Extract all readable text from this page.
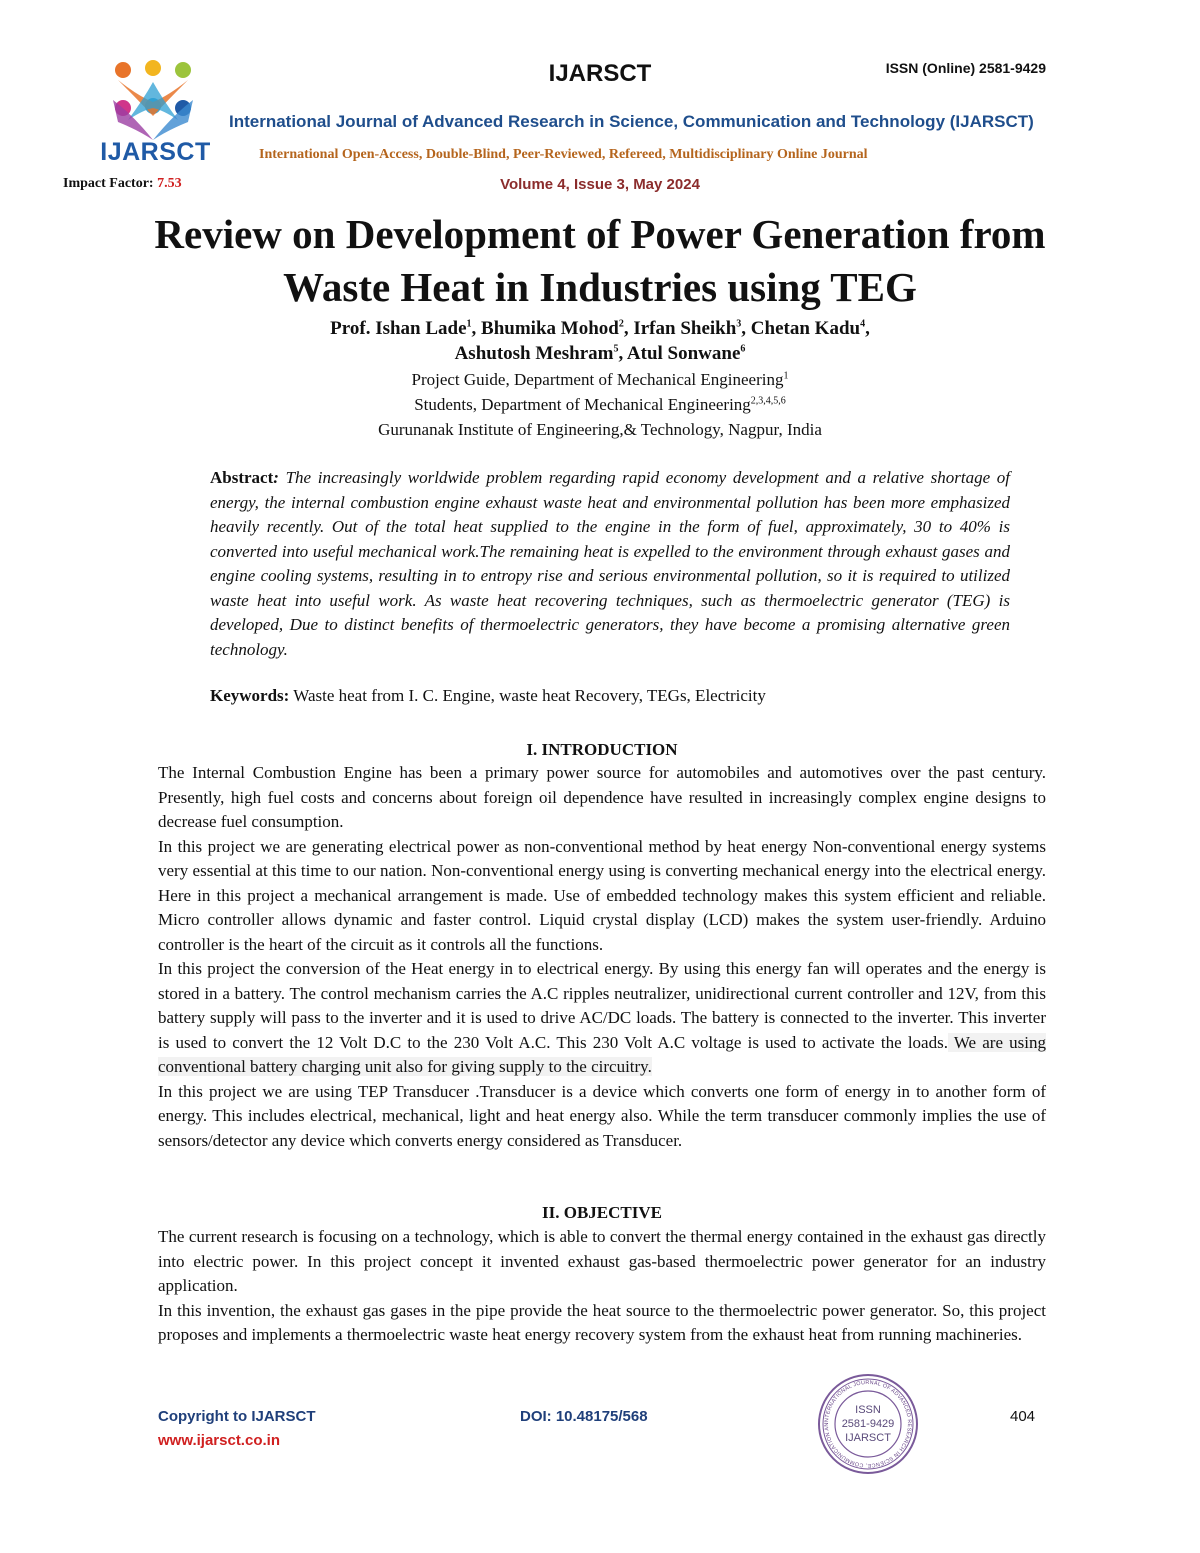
IJARSCT
IJARSCT	ISSN (Online) 2581-9429
International Journal of Advanced Research in Science, Communication and Technology (IJARSCT)
International Open-Access, Double-Blind, Peer-Reviewed, Refereed, Multidisciplinary Online Journal
Impact Factor: 7.53	Volume 4, Issue 3, May 2024
Review on Development of Power Generation from
Waste Heat in Industries using TEG
Prof. Ishan Lade$^1$, Bhumika Mohod$^2$, Irfan Sheikh$^3$, Chetan Kadu$^4$,
Ashutosh Meshram$^5$, Atul Sonwane$^6$
Project Guide, Department of Mechanical Engineering$^1$
Students, Department of Mechanical Engineering$^{2,3,4,5,6}$
Gurunanak Institute of Engineering,& Technology, Nagpur, India
Abstract: The increasingly worldwide problem regarding rapid economy development and a relative shortage of energy, the internal combustion engine exhaust waste heat and environmental pollution has been more emphasized heavily recently. Out of the total heat supplied to the engine in the form of fuel, approximately, 30 to 40% is converted into useful mechanical work.The remaining heat is expelled to the environment through exhaust gases and engine cooling systems, resulting in to entropy rise and serious environmental pollution, so it is required to utilized waste heat into useful work. As waste heat recovering techniques, such as thermoelectric generator (TEG) is developed, Due to distinct benefits of thermoelectric generators, they have become a promising alternative green technology.
Keywords: Waste heat from I. C. Engine, waste heat Recovery, TEGs, Electricity
I. INTRODUCTION

The Internal Combustion Engine has been a primary power source for automobiles and automotives over the past century. Presently, high fuel costs and concerns about foreign oil dependence have resulted in increasingly complex engine designs to decrease fuel consumption.

In this project we are generating electrical power as non-conventional method by heat energy Non-conventional energy systems very essential at this time to our nation. Non-conventional energy using is converting mechanical energy into the electrical energy. Here in this project a mechanical arrangement is made. Use of embedded technology makes this system efficient and reliable. Micro controller allows dynamic and faster control. Liquid crystal display (LCD) makes the system user-friendly. Arduino controller is the heart of the circuit as it controls all the functions.

In this project the conversion of the Heat energy in to electrical energy. By using this energy fan will operates and the energy is stored in a battery. The control mechanism carries the A.C ripples neutralizer, unidirectional current controller and 12V, from this battery supply will pass to the inverter and it is used to drive AC/DC loads. The battery is connected to the inverter. This inverter is used to convert the 12 Volt D.C to the 230 Volt A.C. This 230 Volt A.C voltage is used to activate the loads. We are using conventional battery charging unit also for giving supply to the circuitry.

In this project we are using TEP Transducer .Transducer is a device which converts one form of energy in to another form of energy. This includes electrical, mechanical, light and heat energy also. While the term transducer commonly implies the use of sensors/detector any device which converts energy considered as Transducer.

II. OBJECTIVE

The current research is focusing on a technology, which is able to convert the thermal energy contained in the exhaust gas directly into electric power. In this project concept it invented exhaust gas-based thermoelectric power generator for an industry application.

In this invention, the exhaust gas gases in the pipe provide the heat source to the thermoelectric power generator. So, this project proposes and implements a thermoelectric waste heat energy recovery system from the exhaust heat from running machineries.

Copyright to IJARSCT
www.ijarsct.co.in
DOI: 10.48175/568	INTERNATIONAL JOURNAL OF ADVANCED RESEARCH IN SCIENCE, COMMUNICATION AN
ISSN
2581-9429
IJARSCT
404
